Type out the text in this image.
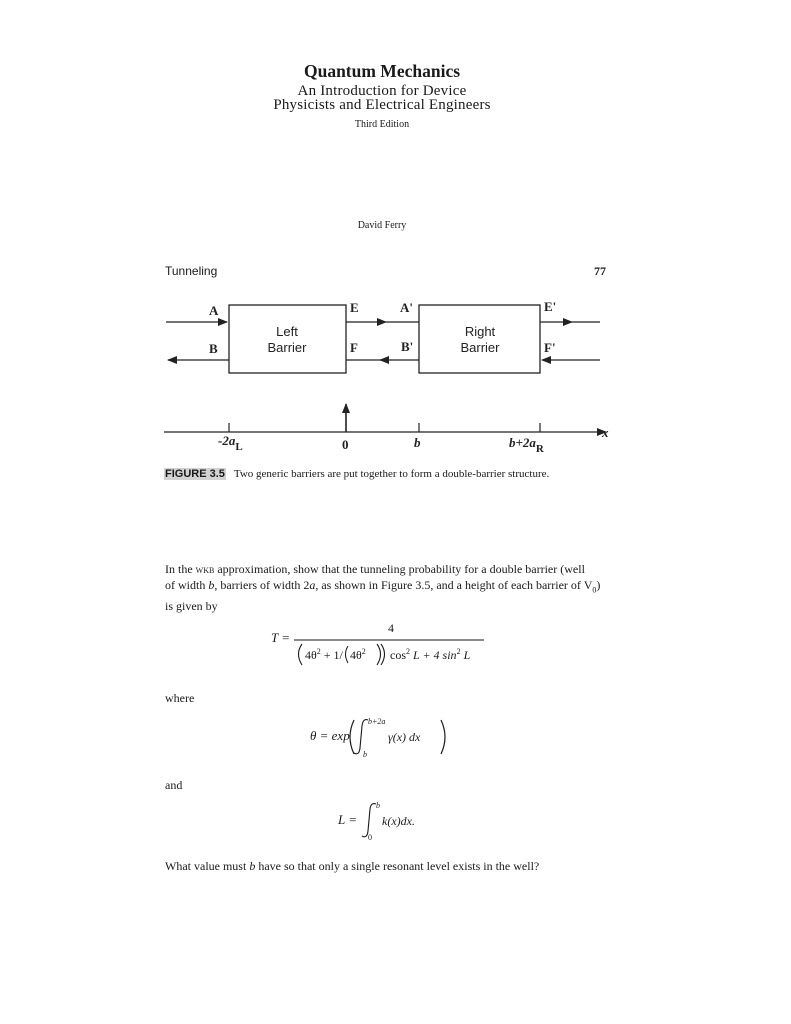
Quantum Mechanics
An Introduction for Device
Physicists and Electrical Engineers
Third Edition
David Ferry
Tunneling	77
Left
Barrier
Right
Barrier
A
B
E
F
A'
B'
E'
F'
x
$-2a_L$	0	b	$b+2a_R$
FIGURE 3.5 Two generic barriers are put together to form a double-barrier structure.
In the wkb approximation, show that the tunneling probability for a double barrier (well
of width b, barriers of width 2a, as shown in Figure 3.5, and a height of each barrier of $V_0$)
is given by
T =
4
$4\theta^2 + 1/$ $4\theta^2$ $\cos^2 L + 4$ $\sin^2 L$
where
θ = exp
b+2a
b
γ(x) dx
and
L =
b
0
k(x)dx.
What value must b have so that only a single resonant level exists in the well?
